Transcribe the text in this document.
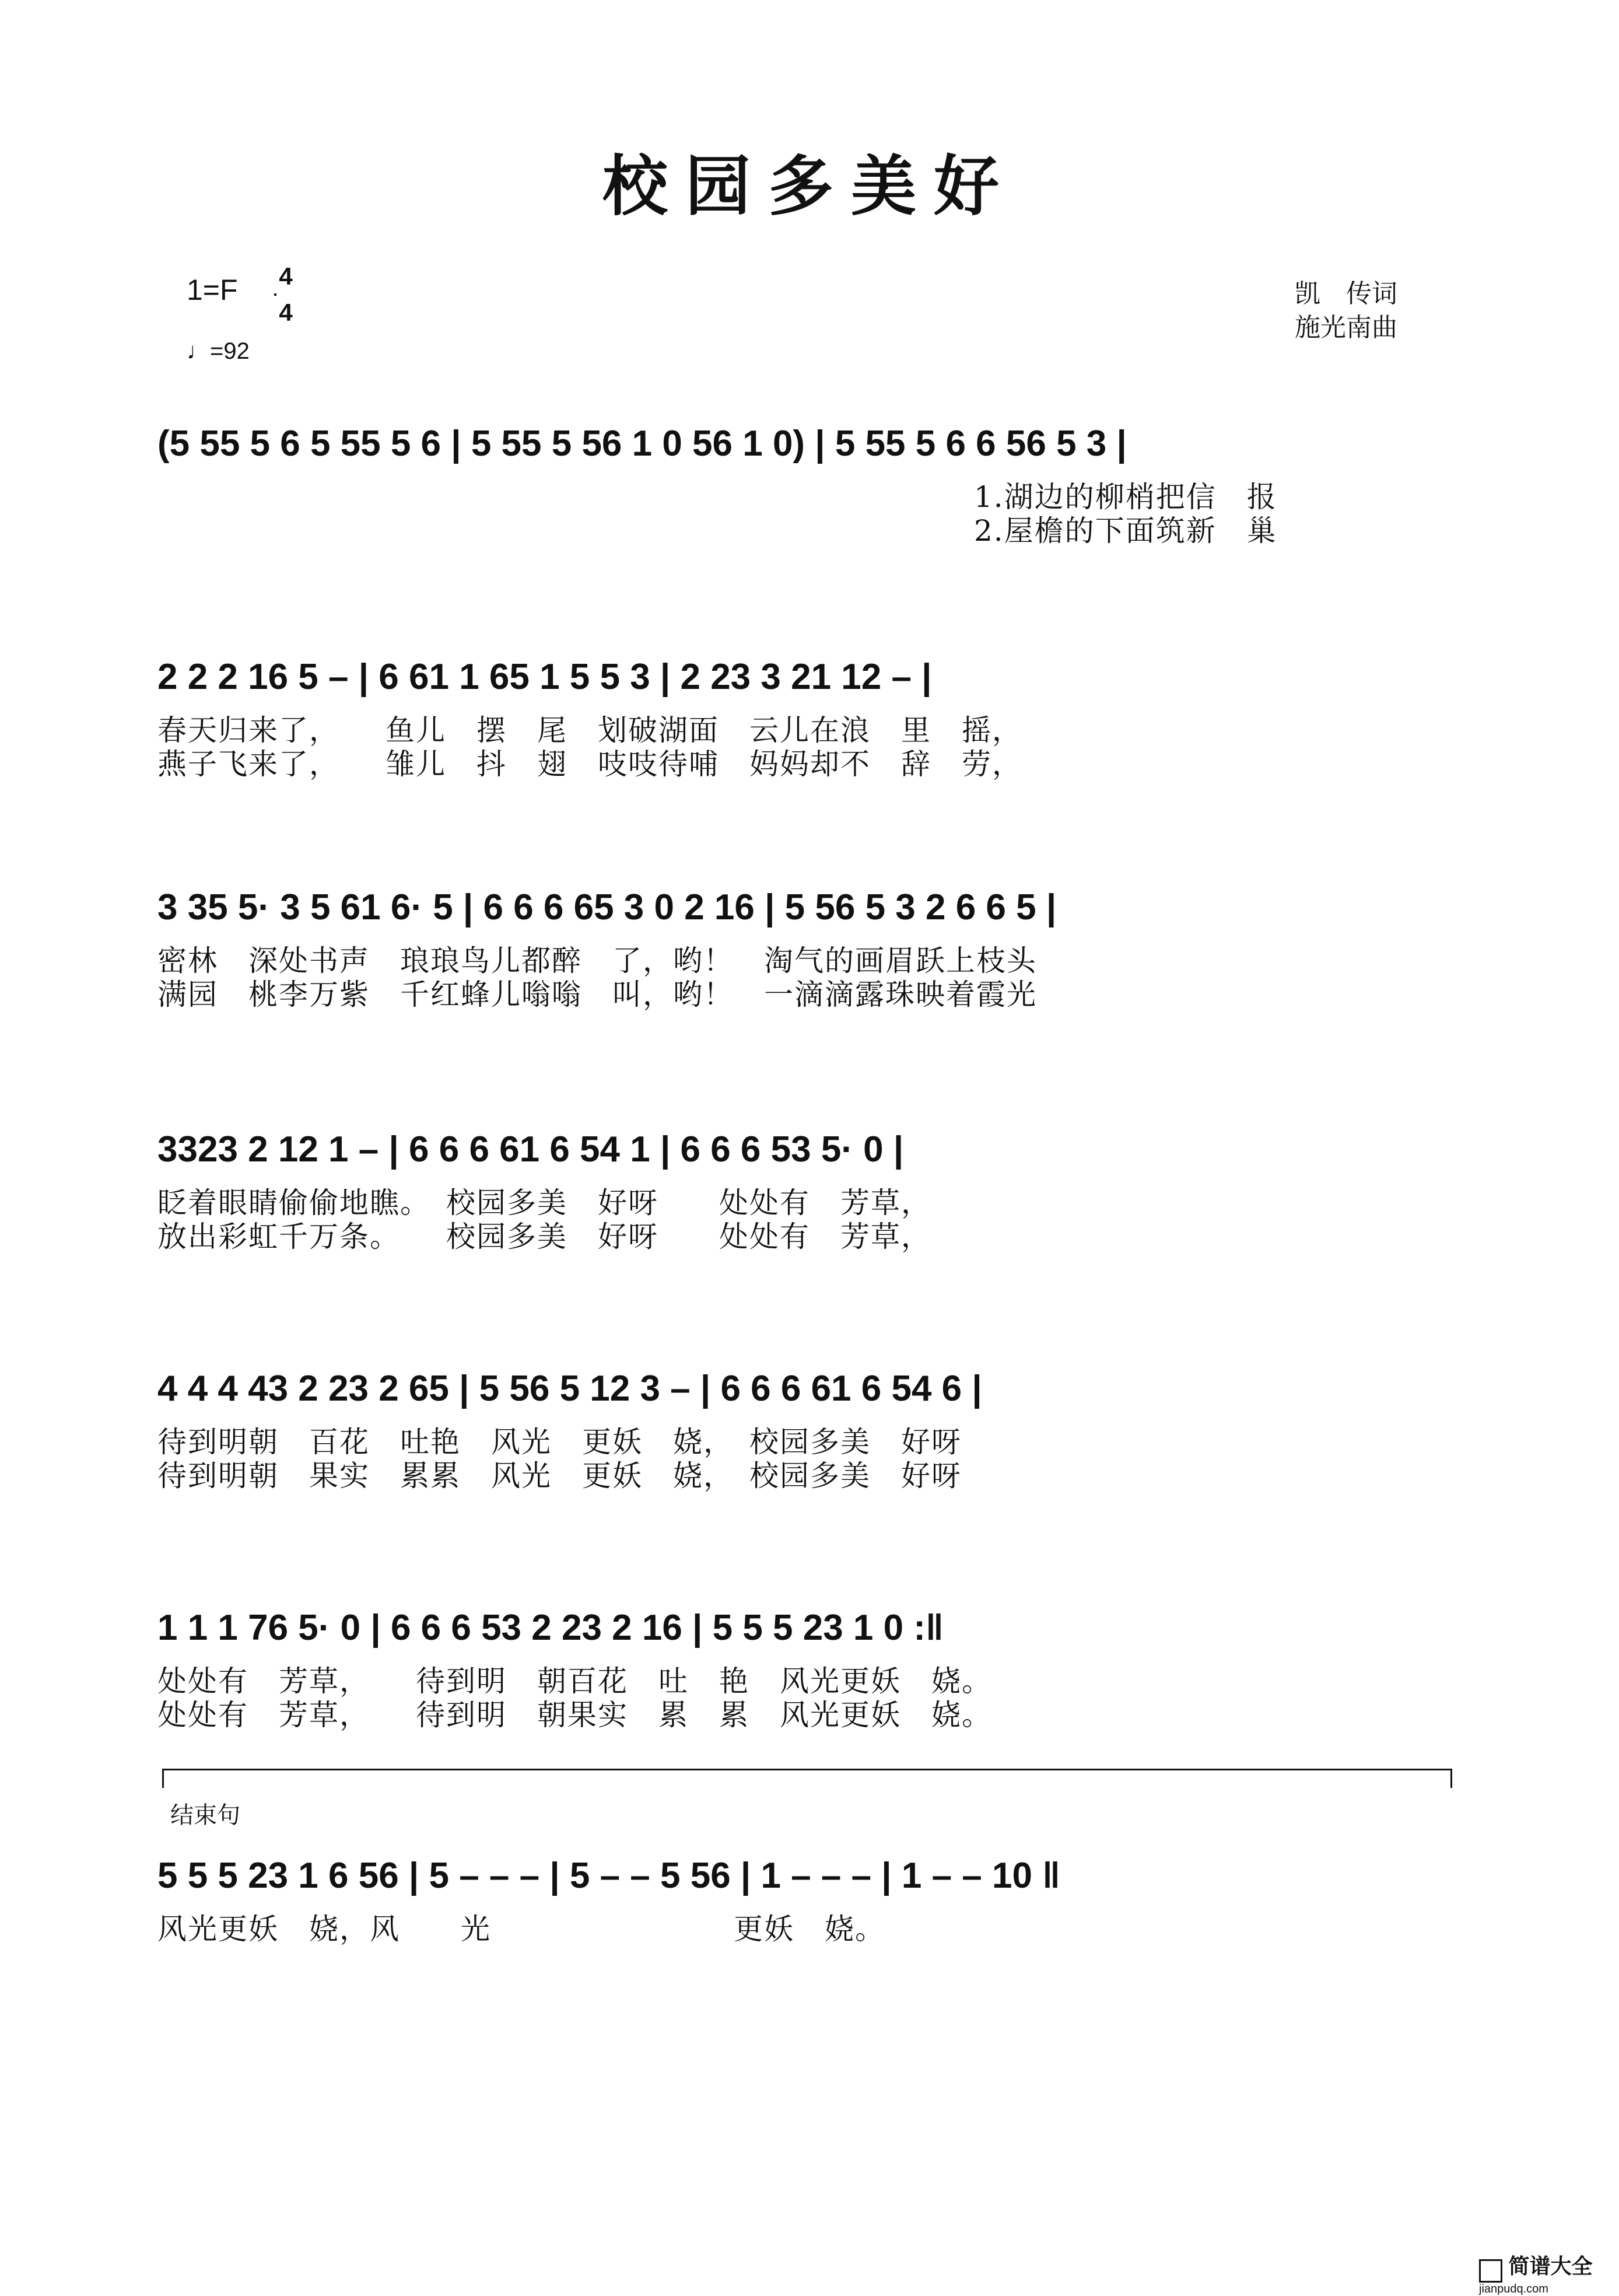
校园多美好
1=F 4
4
♩=92
凯　传词
施光南曲
(5 55 5 6 5 55 5 6 | 5 55 5 56 1 0 56 1 0) | 5 55 5 6 6 56 5 3 |
1.湖边的柳梢把信　报
2.屋檐的下面筑新　巢
2 2 2 16 5 – | 6 61 1 65 1 5 5 3 | 2 23 3 21 12 – |
春天归来了，　　鱼儿　摆　尾　划破湖面　云儿在浪　里　摇，
燕子飞来了，　　雏儿　抖　翅　吱吱待哺　妈妈却不　辞　劳，
3 35 5· 3 5 61 6· 5 | 6 6 6 65 3 0 2 16 | 5 56 5 3 2 6 6 5 |
密林　深处书声　琅琅鸟儿都醉　了，哟！　淘气的画眉跃上枝头
满园　桃李万紫　千红蜂儿嗡嗡　叫，哟！　一滴滴露珠映着霞光
3323 2 12 1 – | 6 6 6 61 6 54 1 | 6 6 6 53 5· 0 |
眨着眼睛偷偷地瞧。　校园多美　好呀　　处处有　芳草，
放出彩虹千万条。　　校园多美　好呀　　处处有　芳草，
4 4 4 43 2 23 2 65 | 5 56 5 12 3 – | 6 6 6 61 6 54 6 |
待到明朝　百花　吐艳　风光　更妖　娆，　校园多美　好呀
待到明朝　果实　累累　风光　更妖　娆，　校园多美　好呀
1 1 1 76 5· 0 | 6 6 6 53 2 23 2 16 | 5 5 5 23 1 0 :‖
处处有　芳草，　　待到明　朝百花　吐　艳　风光更妖　娆。
处处有　芳草，　　待到明　朝果实　累　累　风光更妖　娆。
结束句
5 5 5 23 1 6 56 | 5 – – – | 5 – – 5 56 | 1 – – – | 1 – – 10 ‖
风光更妖　娆，风　　光　　　　　　　　更妖　娆。
简谱大全
jianpudq.com
